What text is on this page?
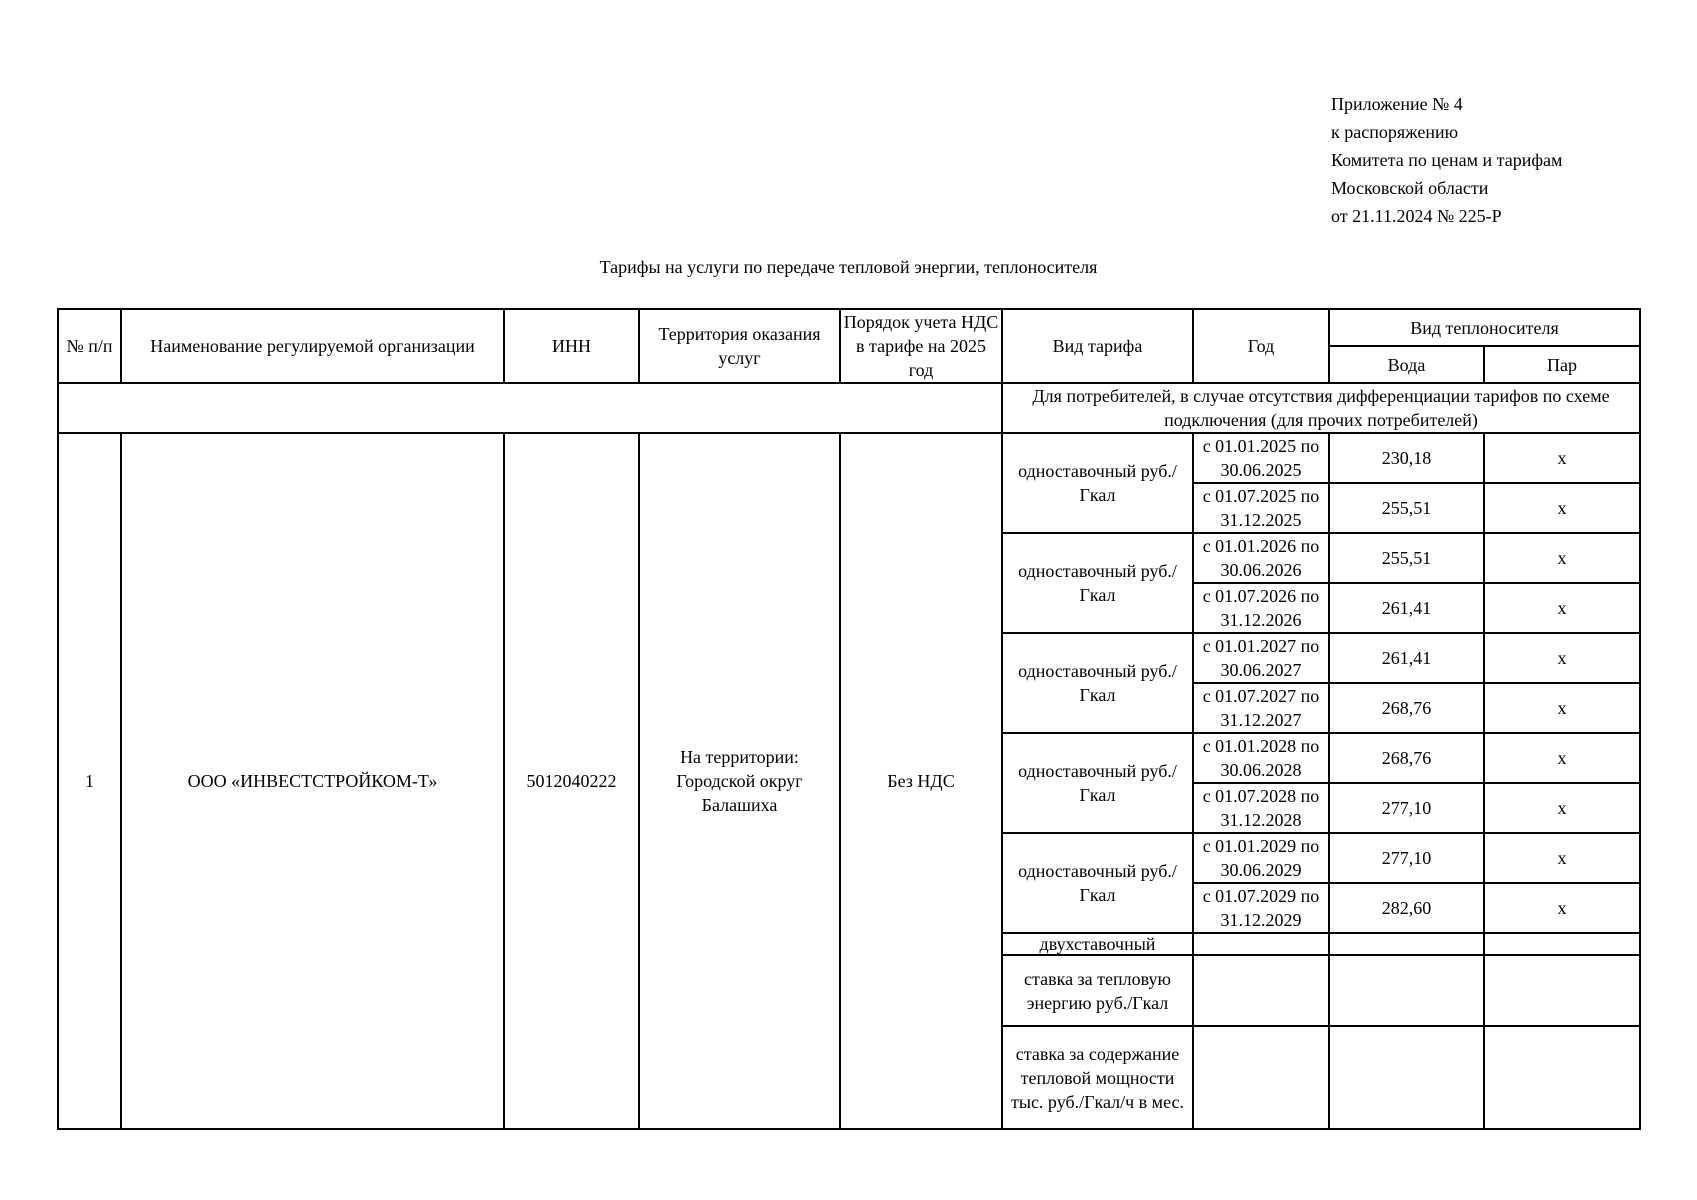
Приложение № 4
к распоряжению
Комитета по ценам и тарифам
Московской области
от 21.11.2024 № 225-Р
Тарифы на услуги по передаче тепловой энергии, теплоносителя
№ п/п	Наименование регулируемой организации	ИНН	Территория оказания услуг	Порядок учета НДС в тарифе на 2025 год	Вид тарифа	Год	Вид теплоносителя	
							Вода	Пар
					Для потребителей, в случае отсутствия дифференциации тарифов по схеме подключения (для прочих потребителей)			
1	ООО «ИНВЕСТСТРОЙКОМ-Т»	5012040222	На территории: Городской округ Балашиха	Без НДС	одноставочный руб./Гкал	с 01.01.2025 по 30.06.2025	230,18	х
						с 01.07.2025 по 31.12.2025	255,51	х
					одноставочный руб./Гкал	с 01.01.2026 по 30.06.2026	255,51	х
						с 01.07.2026 по 31.12.2026	261,41	х
					одноставочный руб./Гкал	с 01.01.2027 по 30.06.2027	261,41	х
						с 01.07.2027 по 31.12.2027	268,76	х
					одноставочный руб./Гкал	с 01.01.2028 по 30.06.2028	268,76	х
						с 01.07.2028 по 31.12.2028	277,10	х
					одноставочный руб./Гкал	с 01.01.2029 по 30.06.2029	277,10	х
						с 01.07.2029 по 31.12.2029	282,60	х
					двухставочный			
					ставка за тепловую энергию руб./Гкал			
					ставка за содержание тепловой мощности тыс. руб./Гкал/ч в мес.			
